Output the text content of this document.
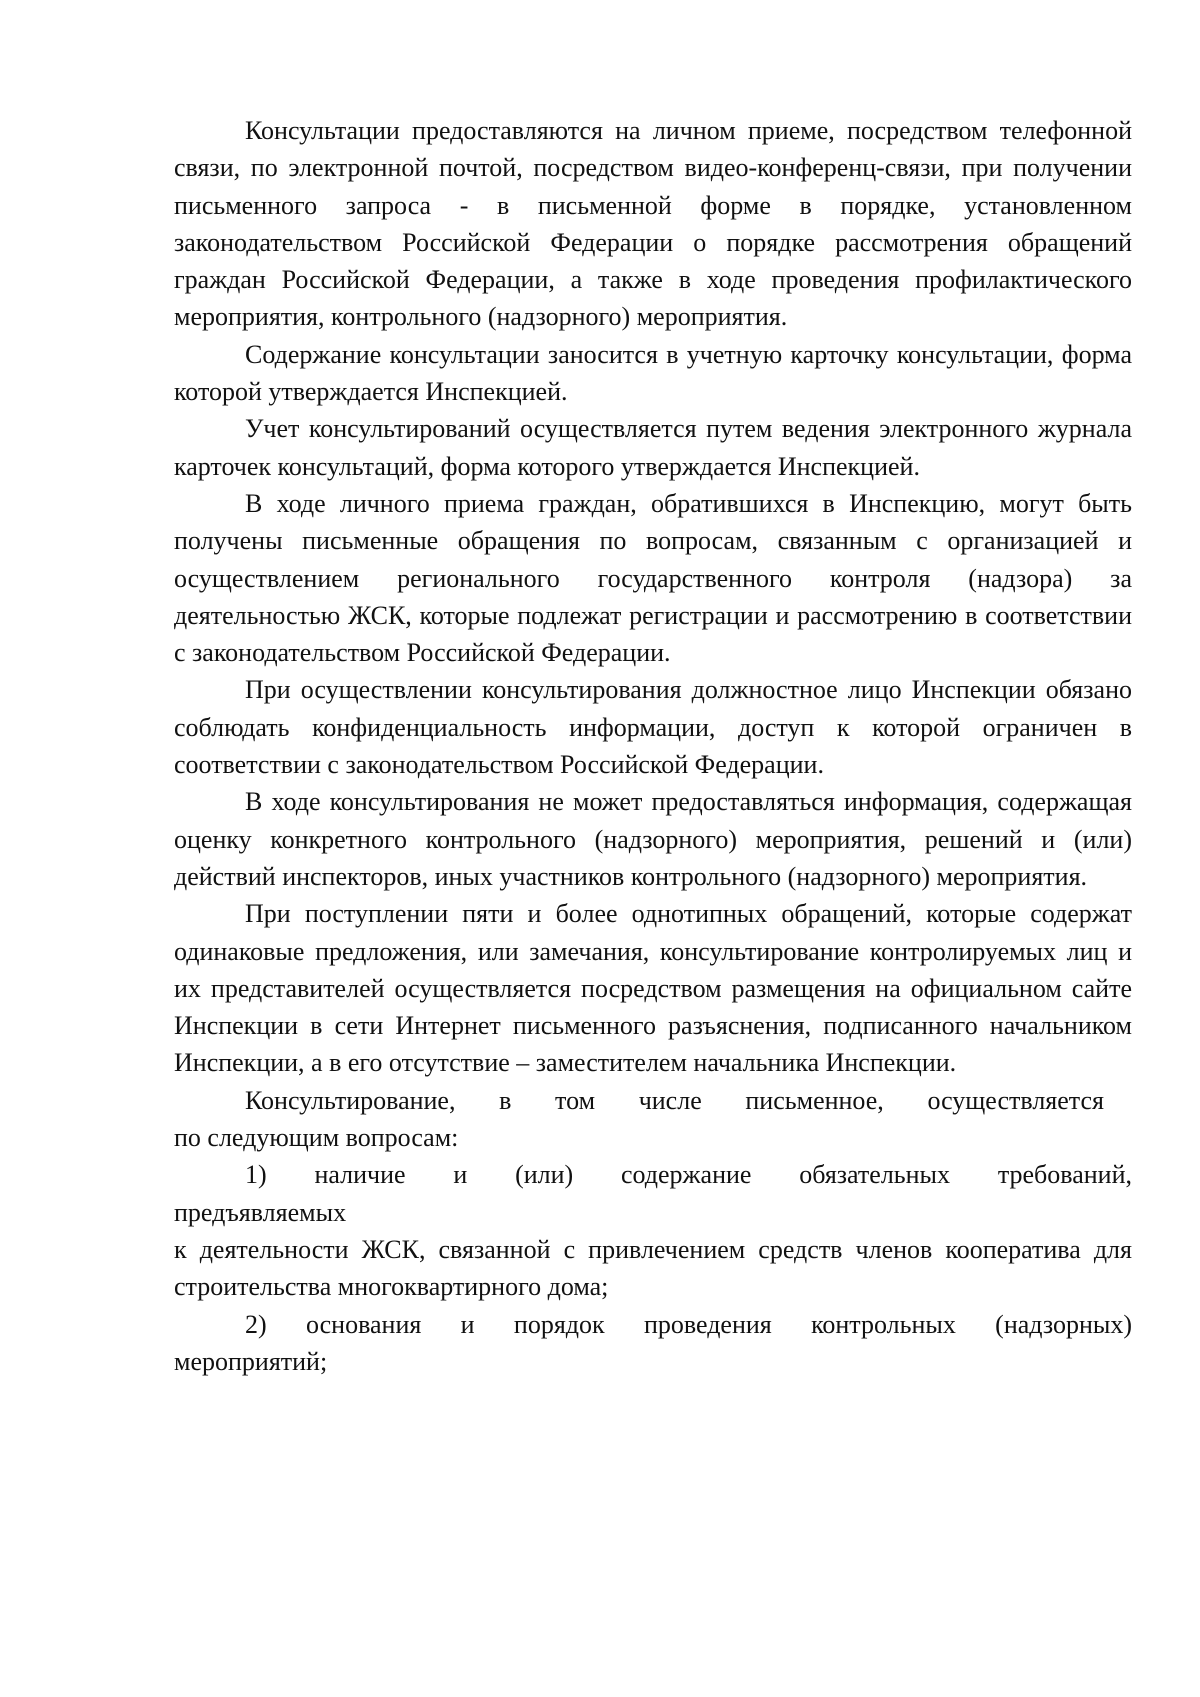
Консультации предоставляются на личном приеме, посредством телефонной связи, по электронной почтой, посредством видео-конференц-связи, при получении письменного запроса - в письменной форме в порядке, установленном законодательством Российской Федерации о порядке рассмотрения обращений граждан Российской Федерации, а также в ходе проведения профилактического мероприятия, контрольного (надзорного) мероприятия.

Содержание консультации заносится в учетную карточку консультации, форма которой утверждается Инспекцией.

Учет консультирований осуществляется путем ведения электронного журнала карточек консультаций, форма которого утверждается Инспекцией.

В ходе личного приема граждан, обратившихся в Инспекцию, могут быть получены письменные обращения по вопросам, связанным с организацией и осуществлением регионального государственного контроля (надзора) за деятельностью ЖСК, которые подлежат регистрации и рассмотрению в соответствии с законодательством Российской Федерации.

При осуществлении консультирования должностное лицо Инспекции обязано соблюдать конфиденциальность информации, доступ к которой ограничен в соответствии с законодательством Российской Федерации.

В ходе консультирования не может предоставляться информация, содержащая оценку конкретного контрольного (надзорного) мероприятия, решений и (или) действий инспекторов, иных участников контрольного (надзорного) мероприятия.

При поступлении пяти и более однотипных обращений, которые содержат одинаковые предложения, или замечания, консультирование контролируемых лиц и их представителей осуществляется посредством размещения на официальном сайте Инспекции в сети Интернет письменного разъяснения, подписанного начальником Инспекции, а в его отсутствие – заместителем начальника Инспекции.

Консультирование, в том числе письменное, осуществляется
по следующим вопросам:

1) наличие и (или) содержание обязательных требований,
предъявляемых
к деятельности ЖСК, связанной с привлечением средств членов кооператива для строительства многоквартирного дома;

2) основания и порядок проведения контрольных (надзорных)
мероприятий;
